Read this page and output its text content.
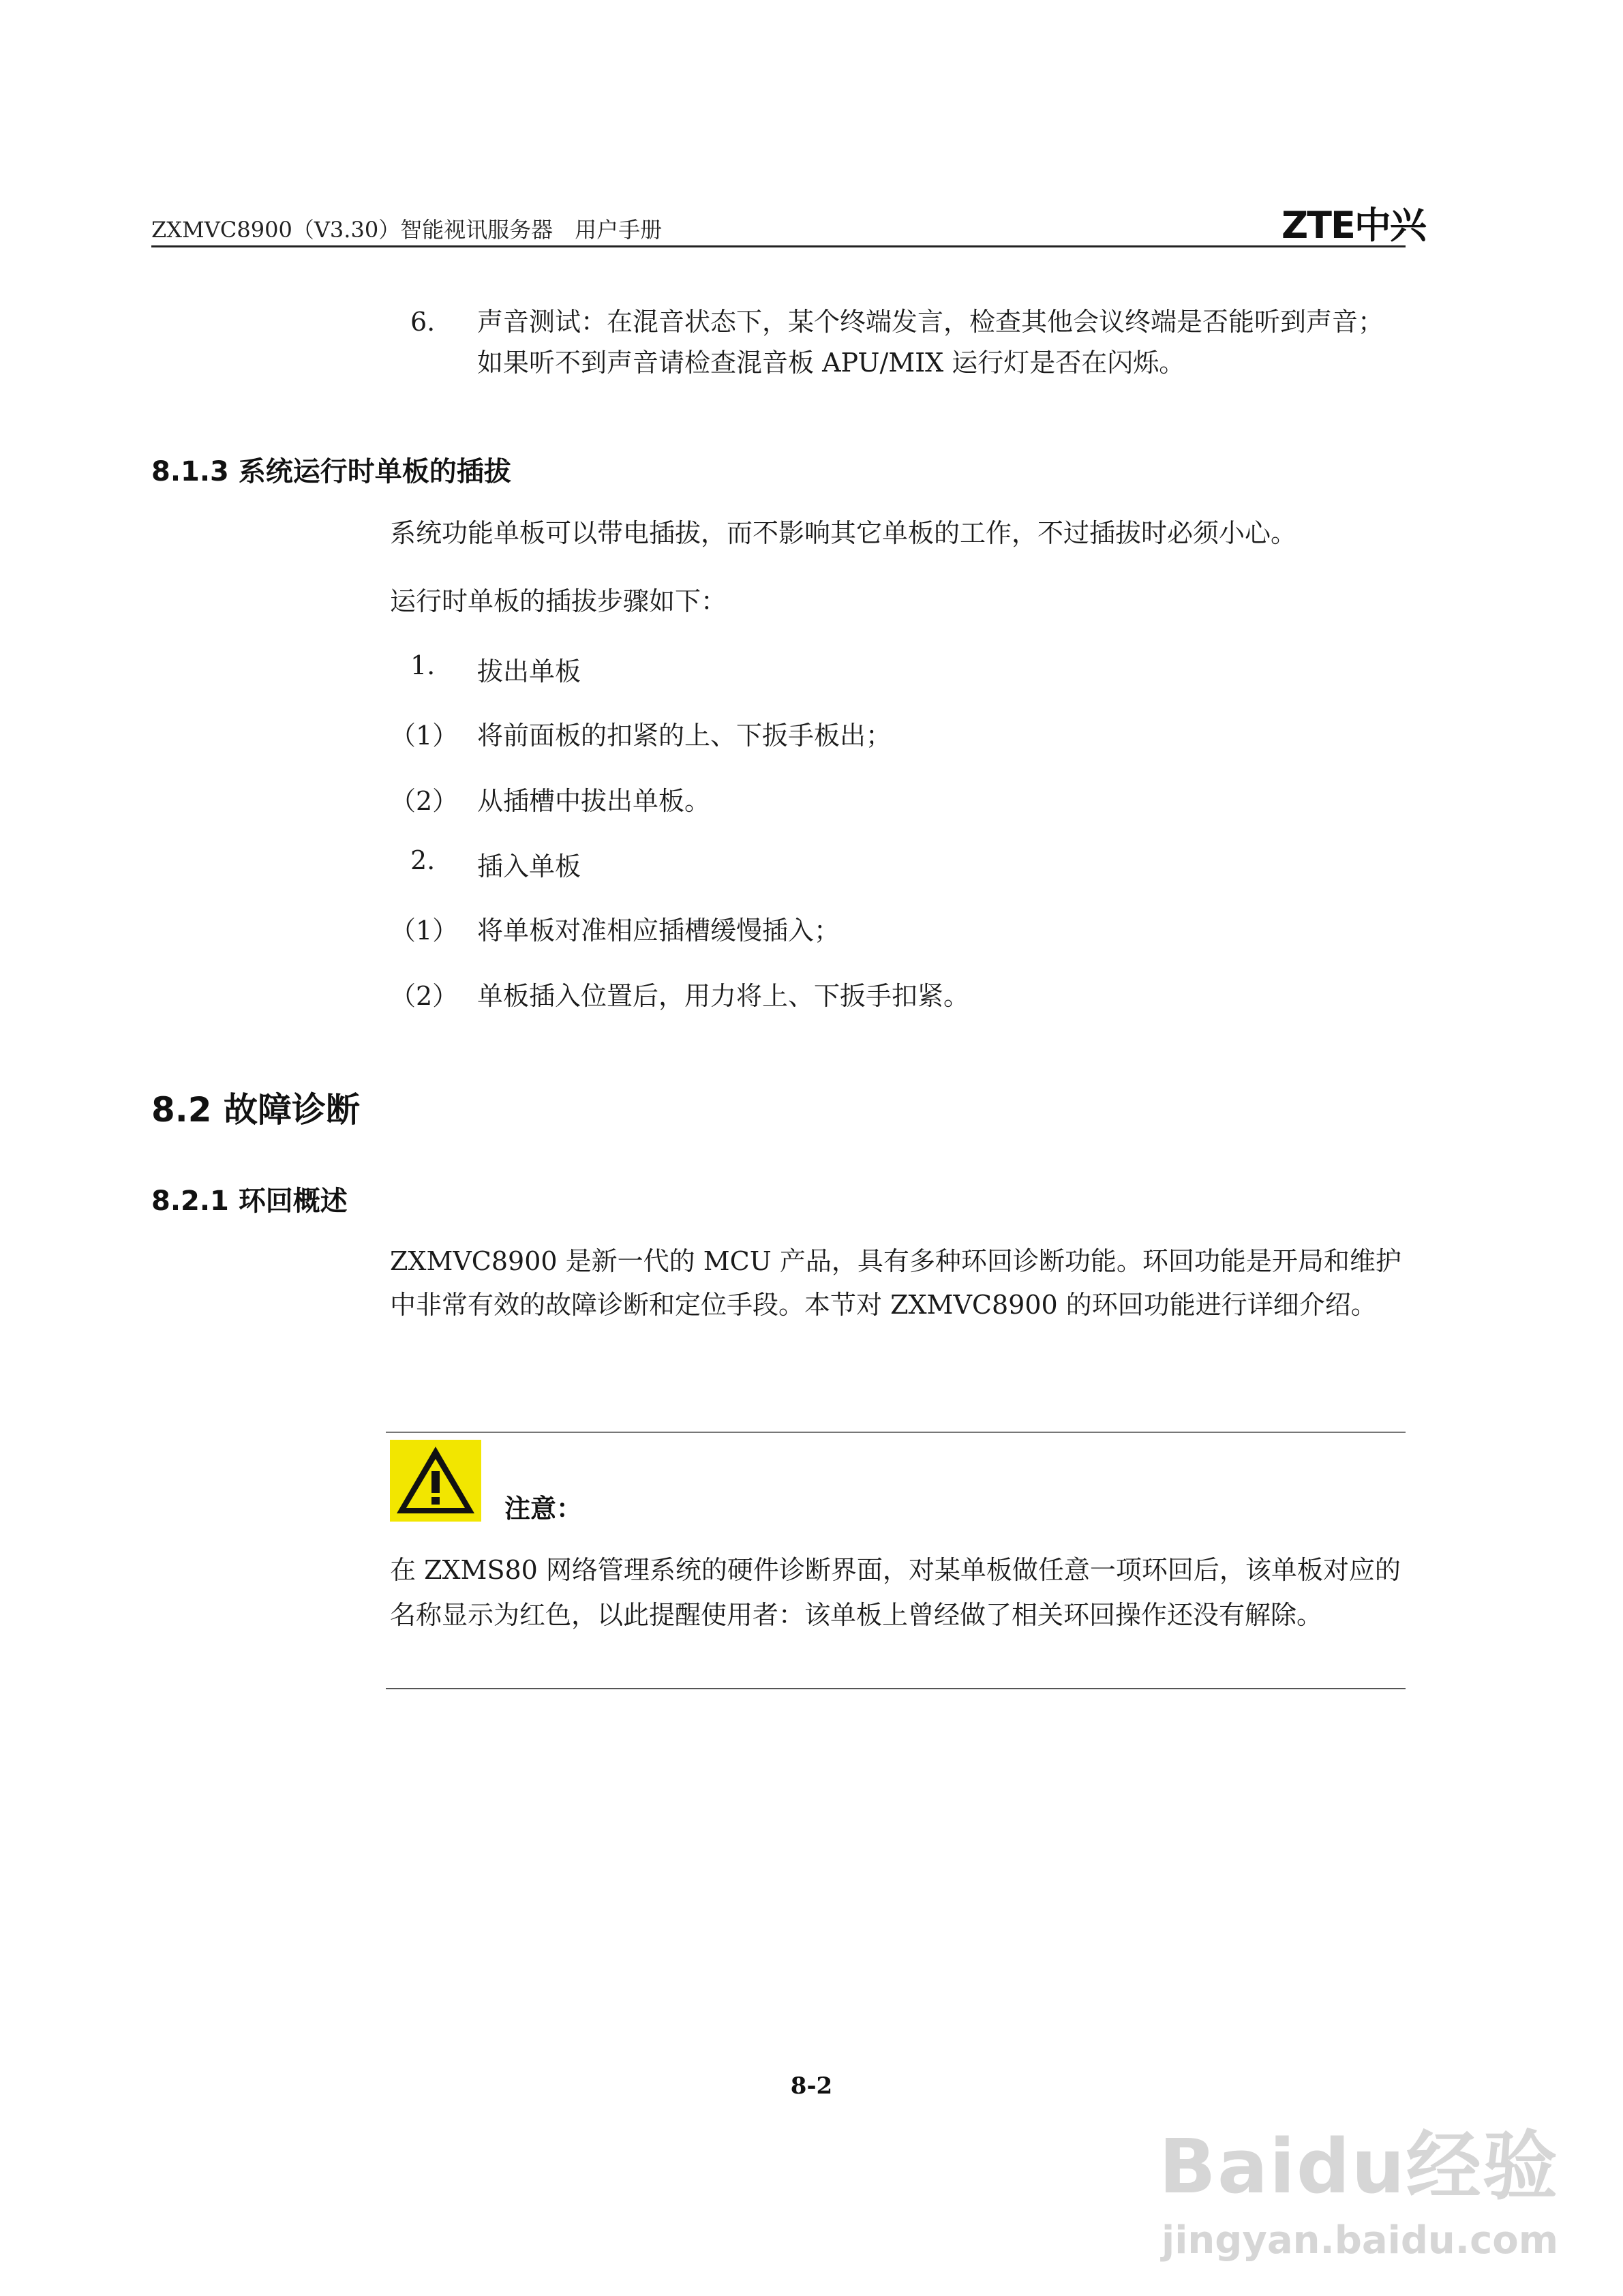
ZXMVC8900（V3.30）智能视讯服务器　用户手册	ZTE中兴
6. 声音测试：在混音状态下，某个终端发言，检查其他会议终端是否能听到声音；如果听不到声音请检查混音板 APU/MIX 运行灯是否在闪烁。
8.1.3 系统运行时单板的插拔
系统功能单板可以带电插拔，而不影响其它单板的工作，不过插拔时必须小心。
运行时单板的插拔步骤如下：
1. 拔出单板
（1） 将前面板的扣紧的上、下扳手板出；
（2） 从插槽中拔出单板。
2. 插入单板
（1） 将单板对准相应插槽缓慢插入；
（2） 单板插入位置后，用力将上、下扳手扣紧。
8.2 故障诊断
8.2.1 环回概述
ZXMVC8900 是新一代的 MCU 产品，具有多种环回诊断功能。环回功能是开局和维护中非常有效的故障诊断和定位手段。本节对 ZXMVC8900 的环回功能进行详细介绍。
注意：
在 ZXMS80 网络管理系统的硬件诊断界面，对某单板做任意一项环回后，该单板对应的名称显示为红色，以此提醒使用者：该单板上曾经做了相关环回操作还没有解除。
8-2
Baidu经验
jingyan.baidu.com
